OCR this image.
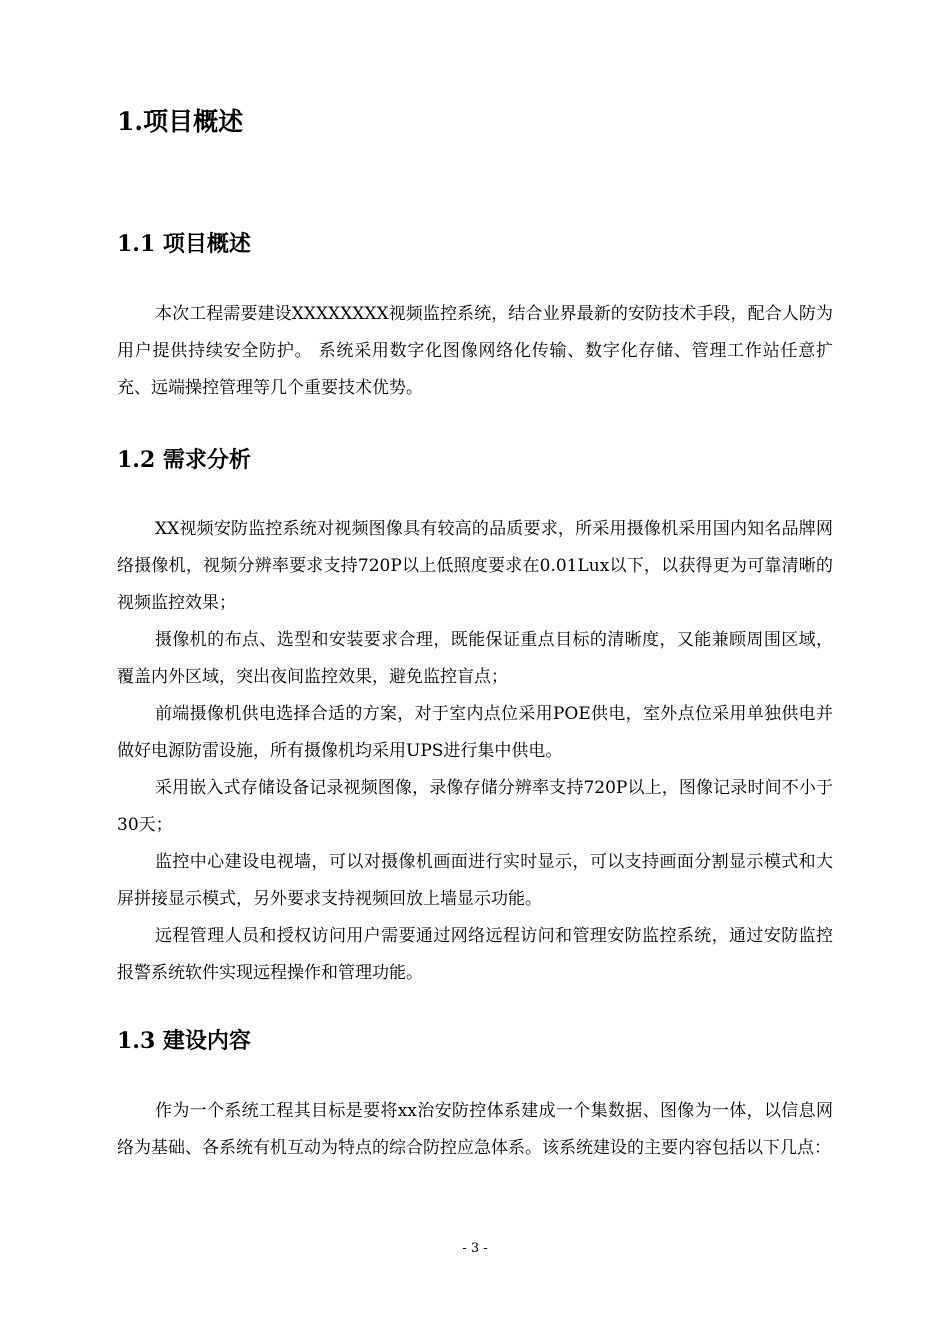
1.项目概述
1.1 项目概述

本次工程需要建设XXXXXXXX视频监控系统，结合业界最新的安防技术手段，配合人防为用户提供持续安全防护。 系统采用数字化图像网络化传输、数字化存储、管理工作站任意扩充、远端操控管理等几个重要技术优势。

1.2 需求分析

XX视频安防监控系统对视频图像具有较高的品质要求，所采用摄像机采用国内知名品牌网络摄像机，视频分辨率要求支持720P以上低照度要求在0.01Lux以下，以获得更为可靠清晰的视频监控效果；

摄像机的布点、选型和安装要求合理，既能保证重点目标的清晰度，又能兼顾周围区域，覆盖内外区域，突出夜间监控效果，避免监控盲点；

前端摄像机供电选择合适的方案，对于室内点位采用POE供电，室外点位采用单独供电并做好电源防雷设施，所有摄像机均采用UPS进行集中供电。

采用嵌入式存储设备记录视频图像，录像存储分辨率支持720P以上，图像记录时间不小于30天；

监控中心建设电视墙，可以对摄像机画面进行实时显示，可以支持画面分割显示模式和大屏拼接显示模式，另外要求支持视频回放上墙显示功能。

远程管理人员和授权访问用户需要通过网络远程访问和管理安防监控系统，通过安防监控报警系统软件实现远程操作和管理功能。

1.3 建设内容

作为一个系统工程其目标是要将xx治安防控体系建成一个集数据、图像为一体，以信息网络为基础、各系统有机互动为特点的综合防控应急体系。该系统建设的主要内容包括以下几点：

- 3 -
